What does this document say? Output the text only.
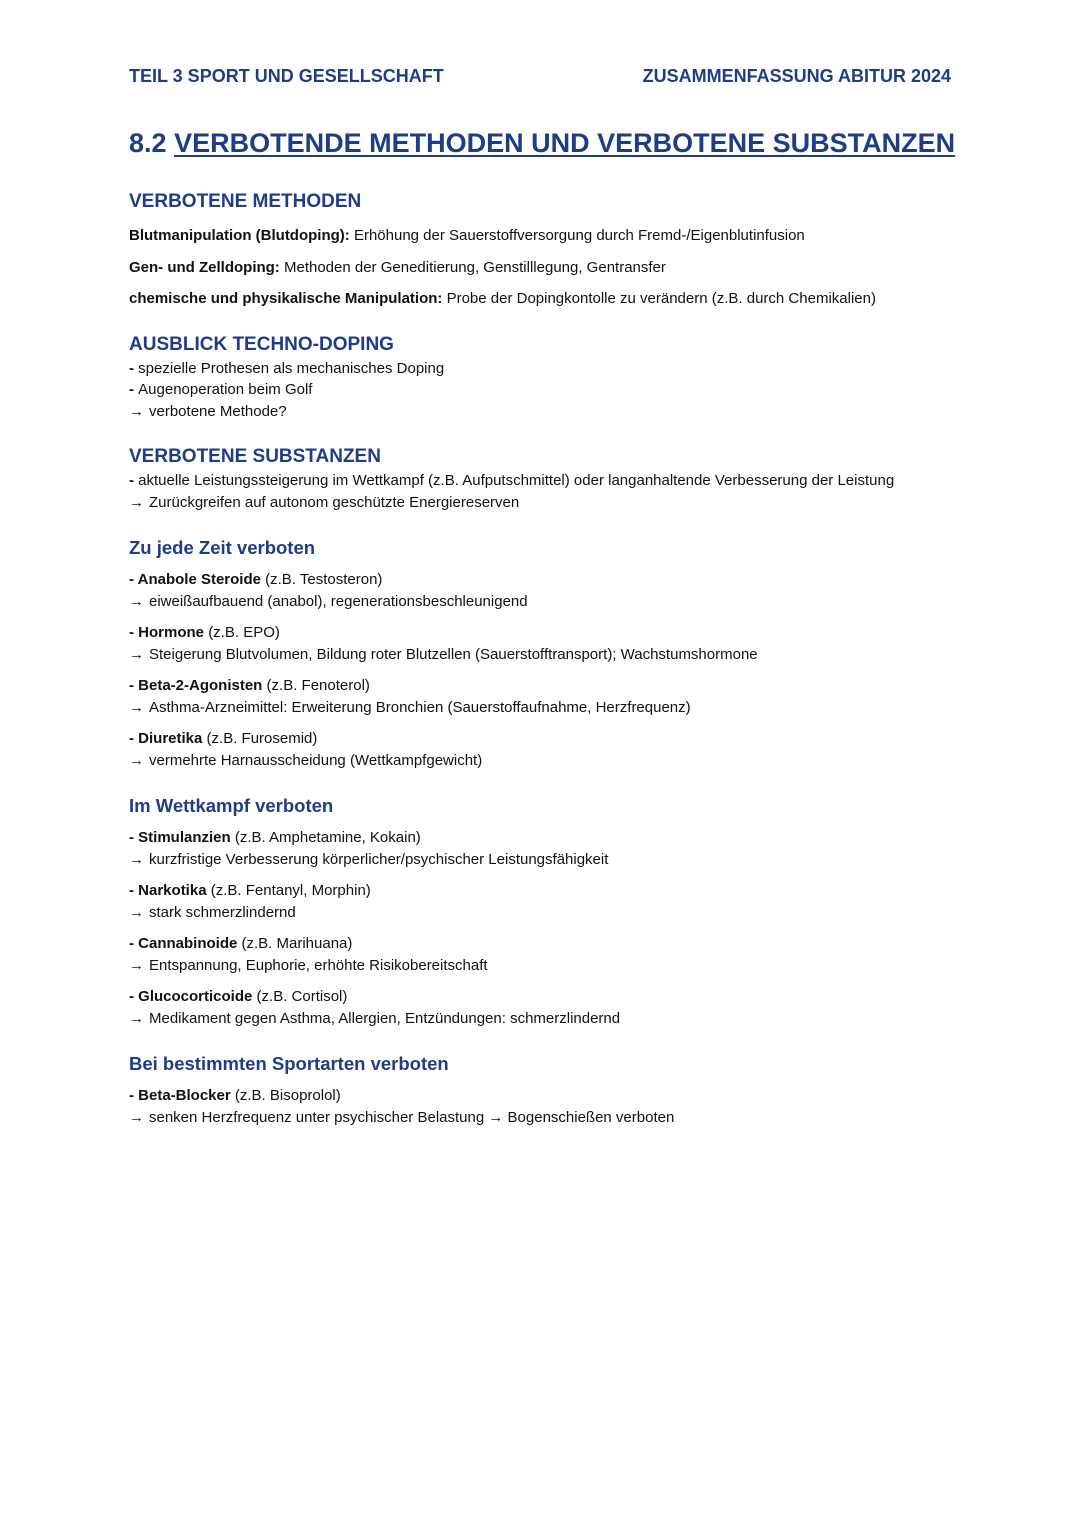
TEIL 3 SPORT UND GESELLSCHAFT	ZUSAMMENFASSUNG ABITUR 2024
8.2 VERBOTENDE METHODEN UND VERBOTENE SUBSTANZEN
VERBOTENE METHODEN

Blutmanipulation (Blutdoping): Erhöhung der Sauerstoffversorgung durch Fremd-/Eigenblutinfusion

Gen- und Zelldoping: Methoden der Geneditierung, Genstilllegung, Gentransfer

chemische und physikalische Manipulation: Probe der Dopingkontolle zu verändern (z.B. durch Chemikalien)

AUSBLICK TECHNO-DOPING

- spezielle Prothesen als mechanisches Doping

- Augenoperation beim Golf

→ verbotene Methode?

VERBOTENE SUBSTANZEN

- aktuelle Leistungssteigerung im Wettkampf (z.B. Aufputschmittel) oder langanhaltende Verbesserung der Leistung

→ Zurückgreifen auf autonom geschützte Energiereserven

Zu jede Zeit verboten

- Anabole Steroide (z.B. Testosteron)

→ eiweißaufbauend (anabol), regenerationsbeschleunigend

- Hormone (z.B. EPO)

→ Steigerung Blutvolumen, Bildung roter Blutzellen (Sauerstofftransport); Wachstumshormone

- Beta-2-Agonisten (z.B. Fenoterol)

→ Asthma-Arzneimittel: Erweiterung Bronchien (Sauerstoffaufnahme, Herzfrequenz)

- Diuretika (z.B. Furosemid)

→ vermehrte Harnausscheidung (Wettkampfgewicht)

Im Wettkampf verboten

- Stimulanzien (z.B. Amphetamine, Kokain)

→ kurzfristige Verbesserung körperlicher/psychischer Leistungsfähigkeit

- Narkotika (z.B. Fentanyl, Morphin)

→ stark schmerzlindernd

- Cannabinoide (z.B. Marihuana)

→ Entspannung, Euphorie, erhöhte Risikobereitschaft

- Glucocorticoide (z.B. Cortisol)

→ Medikament gegen Asthma, Allergien, Entzündungen: schmerzlindernd

Bei bestimmten Sportarten verboten

- Beta-Blocker (z.B. Bisoprolol)

→ senken Herzfrequenz unter psychischer Belastung → Bogenschießen verboten
